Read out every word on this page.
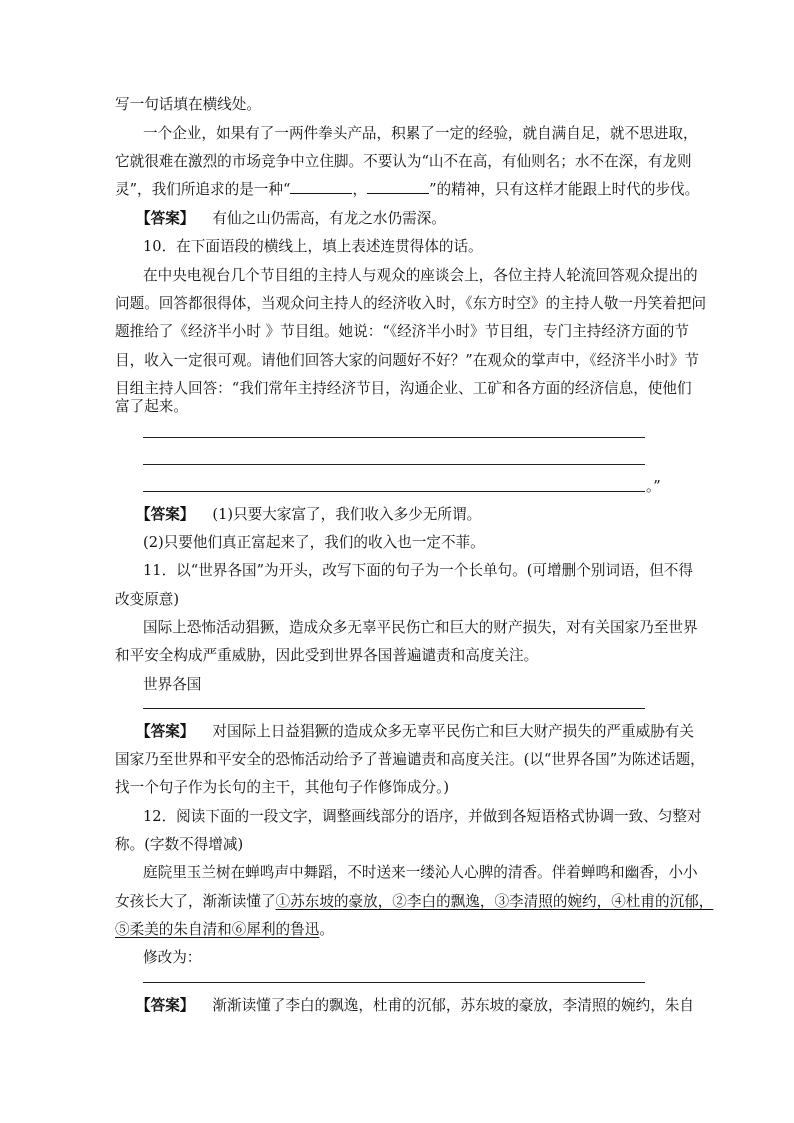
写一句话填在横线处。
一个企业，如果有了一两件拳头产品，积累了一定的经验，就自满自足，就不思进取，
它就很难在激烈的市场竞争中立住脚。不要认为“山不在高，有仙则名；水不在深，有龙则
灵”，我们所追求的是一种“	，	”的精神，只有这样才能跟上时代的步伐。
【答案】 有仙之山仍需高，有龙之水仍需深。
10．在下面语段的横线上，填上表述连贯得体的话。
在中央电视台几个节目组的主持人与观众的座谈会上，各位主持人轮流回答观众提出的
问题。回答都很得体，当观众问主持人的经济收入时，《东方时空》的主持人敬一丹笑着把问
题推给了《经济半小时 》节目组。她说：“《经济半小时》节目组，专门主持经济方面的节
目，收入一定很可观。请他们回答大家的问题好不好？”在观众的掌声中，《经济半小时》节
目组主持人回答：“我们常年主持经济节目，沟通企业、工矿和各方面的经济信息，使他们
富了起来。
。”
【答案】 (1)只要大家富了，我们收入多少无所谓。
(2)只要他们真正富起来了，我们的收入也一定不菲。
11．以“世界各国”为开头，改写下面的句子为一个长单句。(可增删个别词语，但不得
改变原意)
国际上恐怖活动猖獗，造成众多无辜平民伤亡和巨大的财产损失，对有关国家乃至世界
和平安全构成严重威胁，因此受到世界各国普遍谴责和高度关注。
世界各国
【答案】 对国际上日益猖獗的造成众多无辜平民伤亡和巨大财产损失的严重威胁有关
国家乃至世界和平安全的恐怖活动给予了普遍谴责和高度关注。(以“世界各国”为陈述话题，
找一个句子作为长句的主干，其他句子作修饰成分。)
12．阅读下面的一段文字，调整画线部分的语序，并做到各短语格式协调一致、匀整对
称。(字数不得增减)
庭院里玉兰树在蝉鸣声中舞蹈，不时送来一缕沁人心脾的清香。伴着蝉鸣和幽香，小小
女孩长大了，渐渐读懂了①苏东坡的豪放，②李白的飘逸，③李清照的婉约，④杜甫的沉郁，
⑤柔美的朱自清和⑥犀利的鲁迅。
修改为：
【答案】 渐渐读懂了李白的飘逸，杜甫的沉郁，苏东坡的豪放，李清照的婉约，朱自
